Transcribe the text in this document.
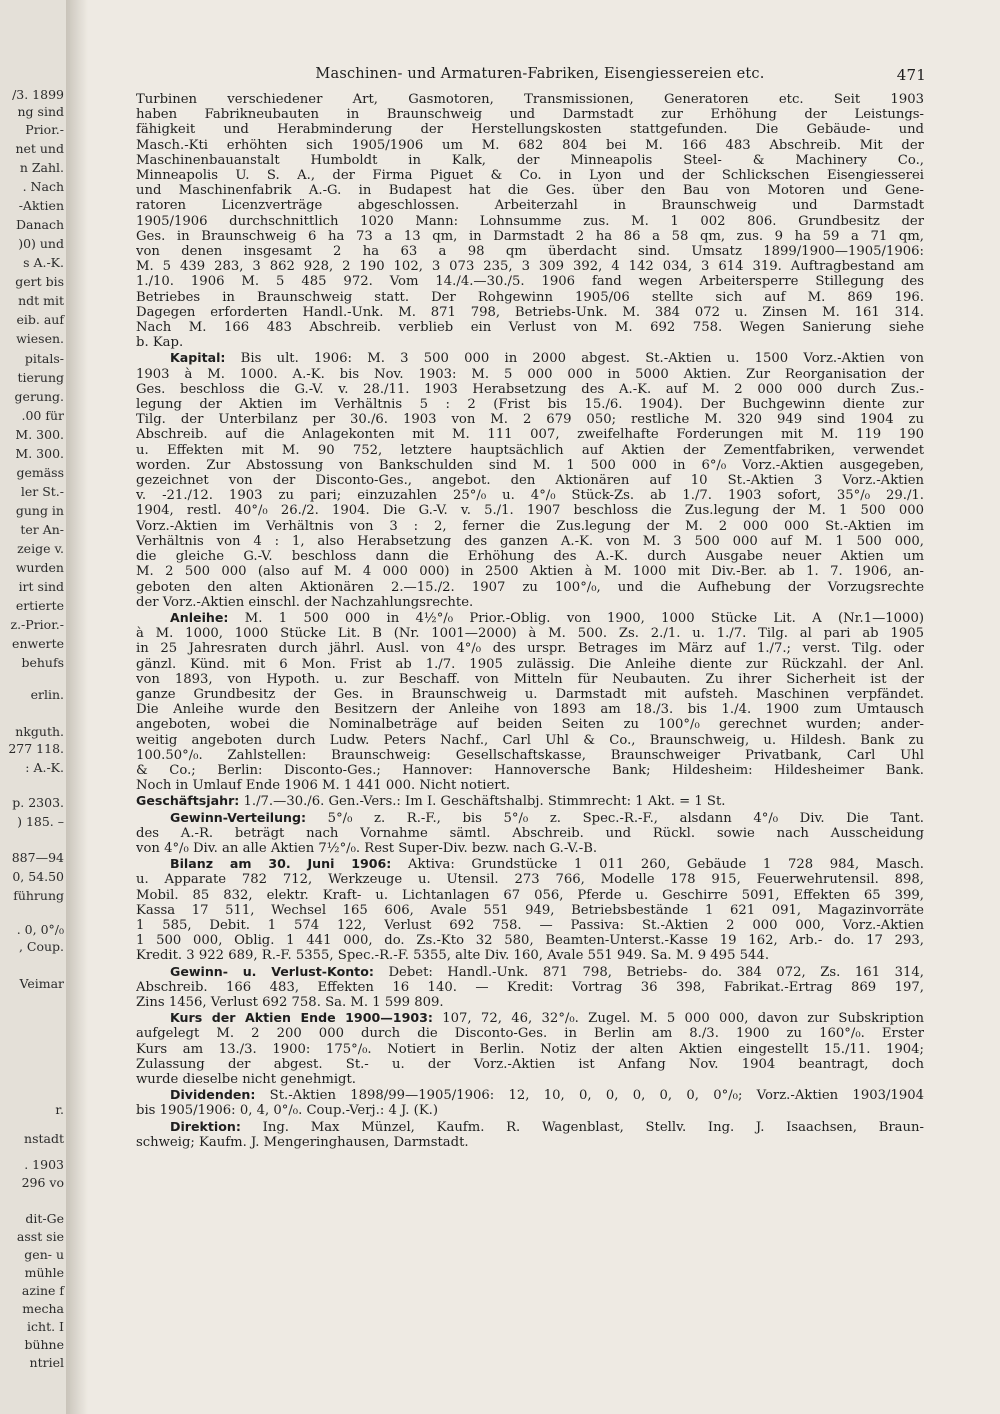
/3. 1899
ng sind
Prior.-
net und
n Zahl.
. Nach
-Aktien
Danach
)0) und
s A.-K.
gert bis
ndt mit
eib. auf
wiesen.
pitals-
tierung
gerung.
.00 für
M. 300.
M. 300.
gemäss
ler St.-
gung in
ter An-
zeige v.
wurden
irt sind
ertierte
z.-Prior.-
enwerte
behufs
erlin.
nkguth.
277 118.
: A.-K.
p. 2303.
) 185. –
887—94
0, 54.50
führung
. 0, 0°/₀
, Coup.
Veimar
r.
nstadt
. 1903
296 vo
dit-Ge
asst sie
gen- u
mühle
azine f
mecha
icht. I
bühne
ntriel
Maschinen- und Armaturen-Fabriken, Eisengiessereien etc.	471
Turbinen verschiedener Art, Gasmotoren, Transmissionen, Generatoren etc. Seit 1903
haben Fabrikneubauten in Braunschweig und Darmstadt zur Erhöhung der Leistungs-
fähigkeit und Herabminderung der Herstellungskosten stattgefunden. Die Gebäude- und
Masch.-Kti erhöhten sich 1905/1906 um M. 682 804 bei M. 166 483 Abschreib. Mit der
Maschinenbauanstalt Humboldt in Kalk, der Minneapolis Steel- & Machinery Co.,
Minneapolis U. S. A., der Firma Piguet & Co. in Lyon und der Schlickschen Eisengiesserei
und Maschinenfabrik A.-G. in Budapest hat die Ges. über den Bau von Motoren und Gene-
ratoren Licenzverträge abgeschlossen. Arbeiterzahl in Braunschweig und Darmstadt
1905/1906 durchschnittlich 1020 Mann: Lohnsumme zus. M. 1 002 806. Grundbesitz der
Ges. in Braunschweig 6 ha 73 a 13 qm, in Darmstadt 2 ha 86 a 58 qm, zus. 9 ha 59 a 71 qm,
von denen insgesamt 2 ha 63 a 98 qm überdacht sind. Umsatz 1899/1900—1905/1906:
M. 5 439 283, 3 862 928, 2 190 102, 3 073 235, 3 309 392, 4 142 034, 3 614 319. Auftragbestand am
1./10. 1906 M. 5 485 972. Vom 14./4.—30./5. 1906 fand wegen Arbeitersperre Stillegung des
Betriebes in Braunschweig statt. Der Rohgewinn 1905/06 stellte sich auf M. 869 196.
Dagegen erforderten Handl.-Unk. M. 871 798, Betriebs-Unk. M. 384 072 u. Zinsen M. 161 314.
Nach M. 166 483 Abschreib. verblieb ein Verlust von M. 692 758. Wegen Sanierung siehe
b. Kap.
Kapital: Bis ult. 1906: M. 3 500 000 in 2000 abgest. St.-Aktien u. 1500 Vorz.-Aktien von
1903 à M. 1000. A.-K. bis Nov. 1903: M. 5 000 000 in 5000 Aktien. Zur Reorganisation der
Ges. beschloss die G.-V. v. 28./11. 1903 Herabsetzung des A.-K. auf M. 2 000 000 durch Zus.-
legung der Aktien im Verhältnis 5 : 2 (Frist bis 15./6. 1904). Der Buchgewinn diente zur
Tilg. der Unterbilanz per 30./6. 1903 von M. 2 679 050; restliche M. 320 949 sind 1904 zu
Abschreib. auf die Anlagekonten mit M. 111 007, zweifelhafte Forderungen mit M. 119 190
u. Effekten mit M. 90 752, letztere hauptsächlich auf Aktien der Zementfabriken, verwendet
worden. Zur Abstossung von Bankschulden sind M. 1 500 000 in 6°/₀ Vorz.-Aktien ausgegeben,
gezeichnet von der Disconto-Ges., angebot. den Aktionären auf 10 St.-Aktien 3 Vorz.-Aktien
v. -21./12. 1903 zu pari; einzuzahlen 25°/₀ u. 4°/₀ Stück-Zs. ab 1./7. 1903 sofort, 35°/₀ 29./1.
1904, restl. 40°/₀ 26./2. 1904. Die G.-V. v. 5./1. 1907 beschloss die Zus.legung der M. 1 500 000
Vorz.-Aktien im Verhältnis von 3 : 2, ferner die Zus.legung der M. 2 000 000 St.-Aktien im
Verhältnis von 4 : 1, also Herabsetzung des ganzen A.-K. von M. 3 500 000 auf M. 1 500 000,
die gleiche G.-V. beschloss dann die Erhöhung des A.-K. durch Ausgabe neuer Aktien um
M. 2 500 000 (also auf M. 4 000 000) in 2500 Aktien à M. 1000 mit Div.-Ber. ab 1. 7. 1906, an-
geboten den alten Aktionären 2.—15./2. 1907 zu 100°/₀, und die Aufhebung der Vorzugsrechte
der Vorz.-Aktien einschl. der Nachzahlungsrechte.
Anleihe: M. 1 500 000 in 4½°/₀ Prior.-Oblig. von 1900, 1000 Stücke Lit. A (Nr.1—1000)
à M. 1000, 1000 Stücke Lit. B (Nr. 1001—2000) à M. 500. Zs. 2./1. u. 1./7. Tilg. al pari ab 1905
in 25 Jahresraten durch jährl. Ausl. von 4°/₀ des urspr. Betrages im März auf 1./7.; verst. Tilg. oder
gänzl. Künd. mit 6 Mon. Frist ab 1./7. 1905 zulässig. Die Anleihe diente zur Rückzahl. der Anl.
von 1893, von Hypoth. u. zur Beschaff. von Mitteln für Neubauten. Zu ihrer Sicherheit ist der
ganze Grundbesitz der Ges. in Braunschweig u. Darmstadt mit aufsteh. Maschinen verpfändet.
Die Anleihe wurde den Besitzern der Anleihe von 1893 am 18./3. bis 1./4. 1900 zum Umtausch
angeboten, wobei die Nominalbeträge auf beiden Seiten zu 100°/₀ gerechnet wurden; ander-
weitig angeboten durch Ludw. Peters Nachf., Carl Uhl & Co., Braunschweig, u. Hildesh. Bank zu
100.50°/₀. Zahlstellen: Braunschweig: Gesellschaftskasse, Braunschweiger Privatbank, Carl Uhl
& Co.; Berlin: Disconto-Ges.; Hannover: Hannoversche Bank; Hildesheim: Hildesheimer Bank.
Noch in Umlauf Ende 1906 M. 1 441 000. Nicht notiert.
Geschäftsjahr: 1./7.—30./6. Gen.-Vers.: Im I. Geschäftshalbj. Stimmrecht: 1 Akt. = 1 St.
Gewinn-Verteilung: 5°/₀ z. R.-F., bis 5°/₀ z. Spec.-R.-F., alsdann 4°/₀ Div. Die Tant.
des A.-R. beträgt nach Vornahme sämtl. Abschreib. und Rückl. sowie nach Ausscheidung
von 4°/₀ Div. an alle Aktien 7½°/₀. Rest Super-Div. bezw. nach G.-V.-B.
Bilanz am 30. Juni 1906: Aktiva: Grundstücke 1 011 260, Gebäude 1 728 984, Masch.
u. Apparate 782 712, Werkzeuge u. Utensil. 273 766, Modelle 178 915, Feuerwehrutensil. 898,
Mobil. 85 832, elektr. Kraft- u. Lichtanlagen 67 056, Pferde u. Geschirre 5091, Effekten 65 399,
Kassa 17 511, Wechsel 165 606, Avale 551 949, Betriebsbestände 1 621 091, Magazinvorräte
1 585, Debit. 1 574 122, Verlust 692 758. — Passiva: St.-Aktien 2 000 000, Vorz.-Aktien
1 500 000, Oblig. 1 441 000, do. Zs.-Kto 32 580, Beamten-Unterst.-Kasse 19 162, Arb.- do. 17 293,
Kredit. 3 922 689, R.-F. 5355, Spec.-R.-F. 5355, alte Div. 160, Avale 551 949. Sa. M. 9 495 544.
Gewinn- u. Verlust-Konto: Debet: Handl.-Unk. 871 798, Betriebs- do. 384 072, Zs. 161 314,
Abschreib. 166 483, Effekten 16 140. — Kredit: Vortrag 36 398, Fabrikat.-Ertrag 869 197,
Zins 1456, Verlust 692 758. Sa. M. 1 599 809.
Kurs der Aktien Ende 1900—1903: 107, 72, 46, 32°/₀. Zugel. M. 5 000 000, davon zur Subskription
aufgelegt M. 2 200 000 durch die Disconto-Ges. in Berlin am 8./3. 1900 zu 160°/₀. Erster
Kurs am 13./3. 1900: 175°/₀. Notiert in Berlin. Notiz der alten Aktien eingestellt 15./11. 1904;
Zulassung der abgest. St.- u. der Vorz.-Aktien ist Anfang Nov. 1904 beantragt, doch
wurde dieselbe nicht genehmigt.
Dividenden: St.-Aktien 1898/99—1905/1906: 12, 10, 0, 0, 0, 0, 0, 0°/₀; Vorz.-Aktien 1903/1904
bis 1905/1906: 0, 4, 0°/₀. Coup.-Verj.: 4 J. (K.)
Direktion: Ing. Max Münzel, Kaufm. R. Wagenblast, Stellv. Ing. J. Isaachsen, Braun-
schweig; Kaufm. J. Mengeringhausen, Darmstadt.
